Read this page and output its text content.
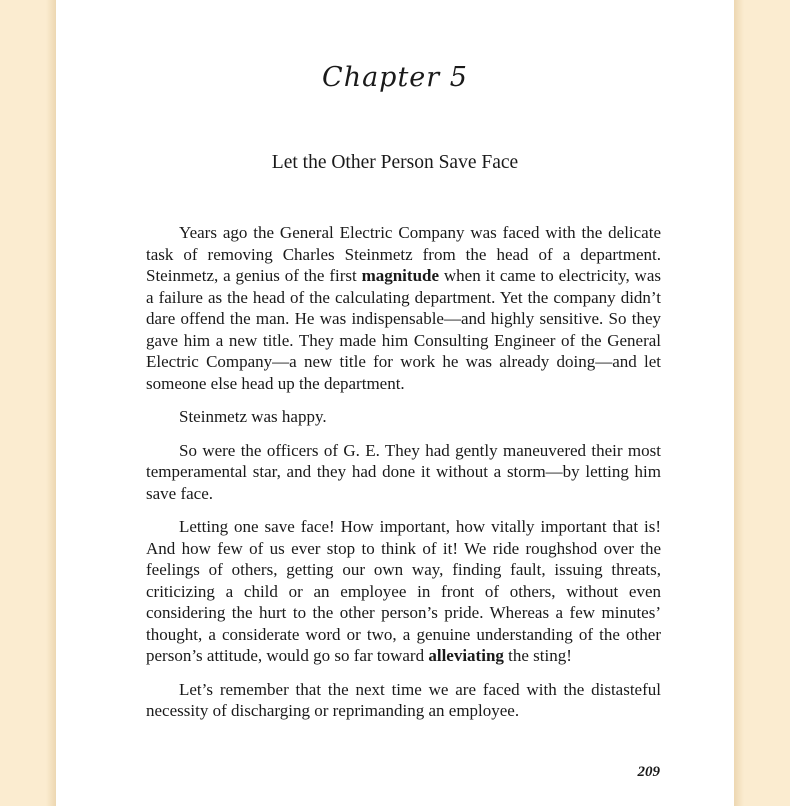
Chapter 5
Let the Other Person Save Face

Years ago the General Electric Company was faced with the delicate task of removing Charles Steinmetz from the head of a department. Steinmetz, a genius of the first magnitude when it came to electricity, was a failure as the head of the calculating department. Yet the company didn’t dare offend the man. He was indispensable—and highly sensitive. So they gave him a new title. They made him Consulting Engineer of the General Electric Company—a new title for work he was already doing—and let someone else head up the department.

Steinmetz was happy.

So were the officers of G. E. They had gently maneuvered their most temperamental star, and they had done it without a storm—by letting him save face.

Letting one save face! How important, how vitally important that is! And how few of us ever stop to think of it! We ride roughshod over the feelings of others, getting our own way, finding fault, issuing threats, criticizing a child or an employee in front of others, without even considering the hurt to the other person’s pride. Whereas a few minutes’ thought, a considerate word or two, a genuine understanding of the other person’s attitude, would go so far toward alleviating the sting!

Let’s remember that the next time we are faced with the distasteful necessity of discharging or reprimanding an employee.

209
